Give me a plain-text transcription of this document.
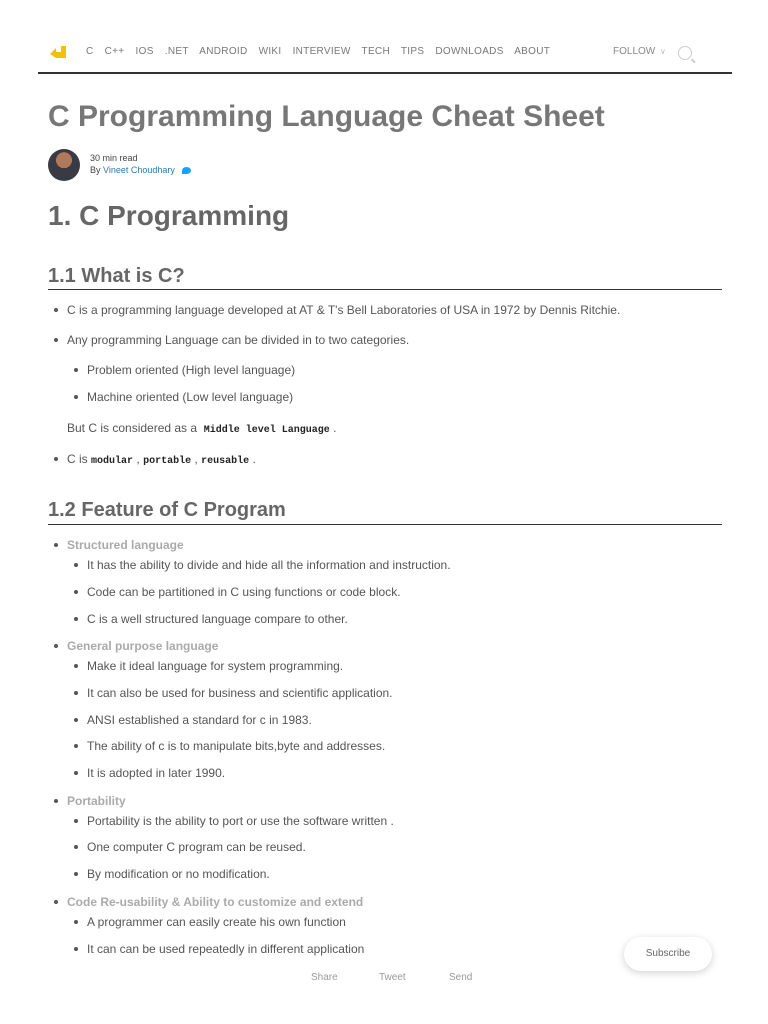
C C++ IOS .NET ANDROID WIKI INTERVIEW TECH TIPS DOWNLOADS ABOUT	FOLLOW ∨
C Programming Language Cheat Sheet
30 min read
By Vineet Choudhary
1. C Programming
1.1 What is C?
C is a programming language developed at AT & T's Bell Laboratories of USA in 1972 by Dennis Ritchie.
Any programming Language can be divided in to two categories.
Problem oriented (High level language)
Machine oriented (Low level language)
But C is considered as a Middle level Language .
C is modular , portable , reusable .
1.2 Feature of C Program
Structured language
It has the ability to divide and hide all the information and instruction.
Code can be partitioned in C using functions or code block.
C is a well structured language compare to other.
General purpose language
Make it ideal language for system programming.
It can also be used for business and scientific application.
ANSI established a standard for c in 1983.
The ability of c is to manipulate bits,byte and addresses.
It is adopted in later 1990.
Portability
Portability is the ability to port or use the software written .
One computer C program can be reused.
By modification or no modification.
Code Re-usability & Ability to customize and extend
A programmer can easily create his own function
It can can be used repeatedly in different application	Subscribe
Share	Tweet	Send
